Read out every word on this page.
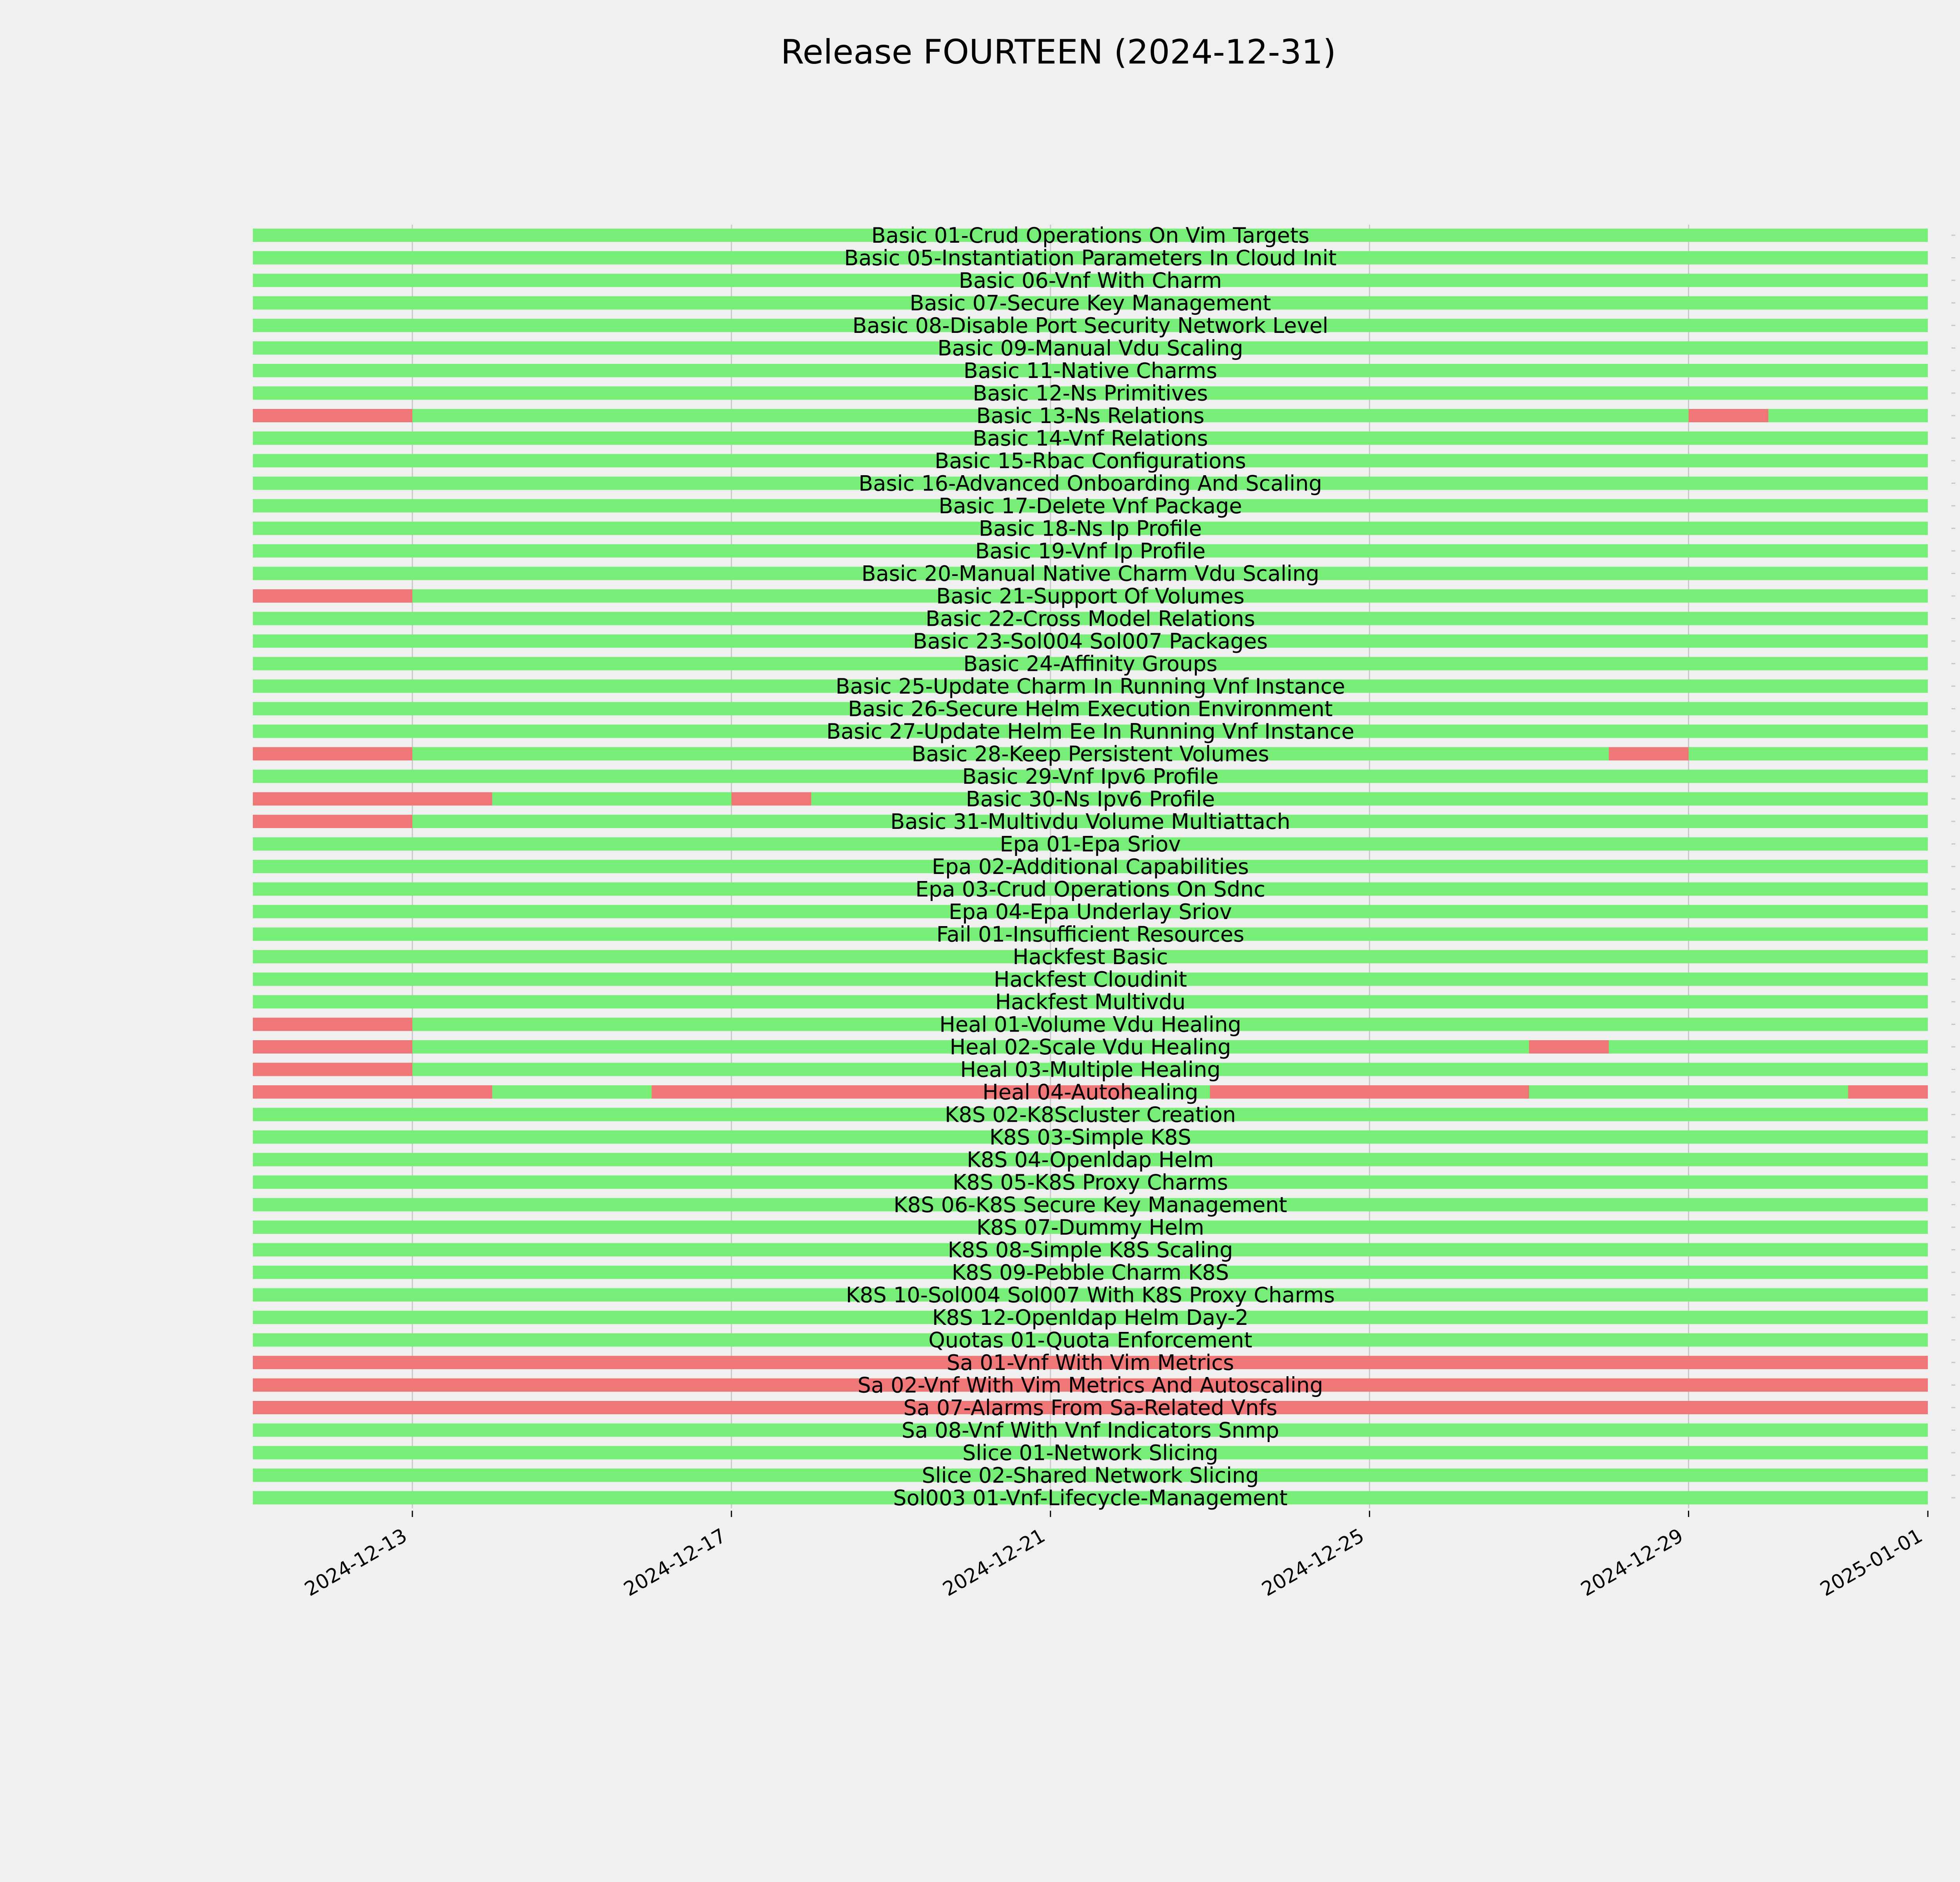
Release FOURTEEN (2024-12-31)
Basic 01-Crud Operations On Vim Targets
Basic 05-Instantiation Parameters In Cloud Init
Basic 06-Vnf With Charm
Basic 07-Secure Key Management
Basic 08-Disable Port Security Network Level
Basic 09-Manual Vdu Scaling
Basic 11-Native Charms
Basic 12-Ns Primitives
Basic 13-Ns Relations
Basic 14-Vnf Relations
Basic 15-Rbac Configurations
Basic 16-Advanced Onboarding And Scaling
Basic 17-Delete Vnf Package
Basic 18-Ns Ip Profile
Basic 19-Vnf Ip Profile
Basic 20-Manual Native Charm Vdu Scaling
Basic 21-Support Of Volumes
Basic 22-Cross Model Relations
Basic 23-Sol004 Sol007 Packages
Basic 24-Affinity Groups
Basic 25-Update Charm In Running Vnf Instance
Basic 26-Secure Helm Execution Environment
Basic 27-Update Helm Ee In Running Vnf Instance
Basic 28-Keep Persistent Volumes
Basic 29-Vnf Ipv6 Profile
Basic 30-Ns Ipv6 Profile
Basic 31-Multivdu Volume Multiattach
Epa 01-Epa Sriov
Epa 02-Additional Capabilities
Epa 03-Crud Operations On Sdnc
Epa 04-Epa Underlay Sriov
Fail 01-Insufficient Resources
Hackfest Basic
Hackfest Cloudinit
Hackfest Multivdu
Heal 01-Volume Vdu Healing
Heal 02-Scale Vdu Healing
Heal 03-Multiple Healing
Heal 04-Autohealing
K8S 02-K8Scluster Creation
K8S 03-Simple K8S
K8S 04-Openldap Helm
K8S 05-K8S Proxy Charms
K8S 06-K8S Secure Key Management
K8S 07-Dummy Helm
K8S 08-Simple K8S Scaling
K8S 09-Pebble Charm K8S
K8S 10-Sol004 Sol007 With K8S Proxy Charms
K8S 12-Openldap Helm Day-2
Quotas 01-Quota Enforcement
Sa 01-Vnf With Vim Metrics
Sa 02-Vnf With Vim Metrics And Autoscaling
Sa 07-Alarms From Sa-Related Vnfs
Sa 08-Vnf With Vnf Indicators Snmp
Slice 01-Network Slicing
Slice 02-Shared Network Slicing
Sol003 01-Vnf-Lifecycle-Management
2024-12-13	2024-12-17	2024-12-21	2024-12-25	2024-12-29	2025-01-01
